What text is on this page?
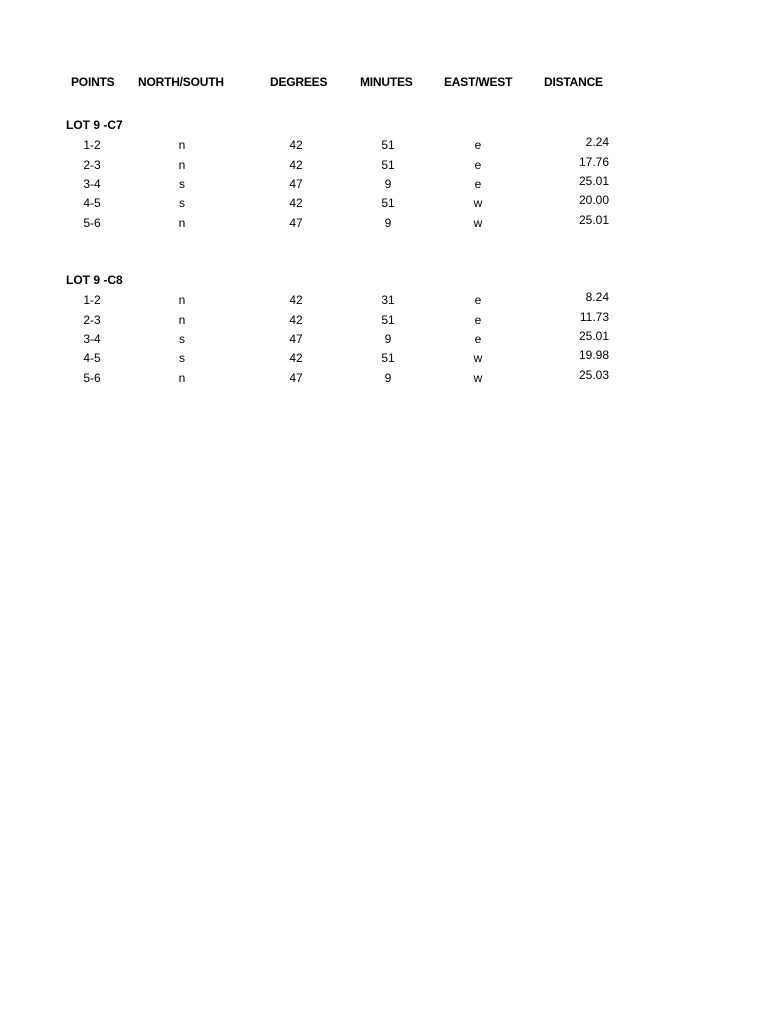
POINTS NORTH/SOUTH	DEGREES	MINUTES	EAST/WEST	DISTANCE
LOT 9 -C7
1-2	n	42	51	e	2.24
2-3	n	42	51	e	17.76
3-4	s	47	9	e	25.01
4-5	s	42	51	w	20.00
5-6	n	47	9	w	25.01
LOT 9 -C8
1-2	n	42	31	e	8.24
2-3	n	42	51	e	11.73
3-4	s	47	9	e	25.01
4-5	s	42	51	w	19.98
5-6	n	47	9	w	25.03
